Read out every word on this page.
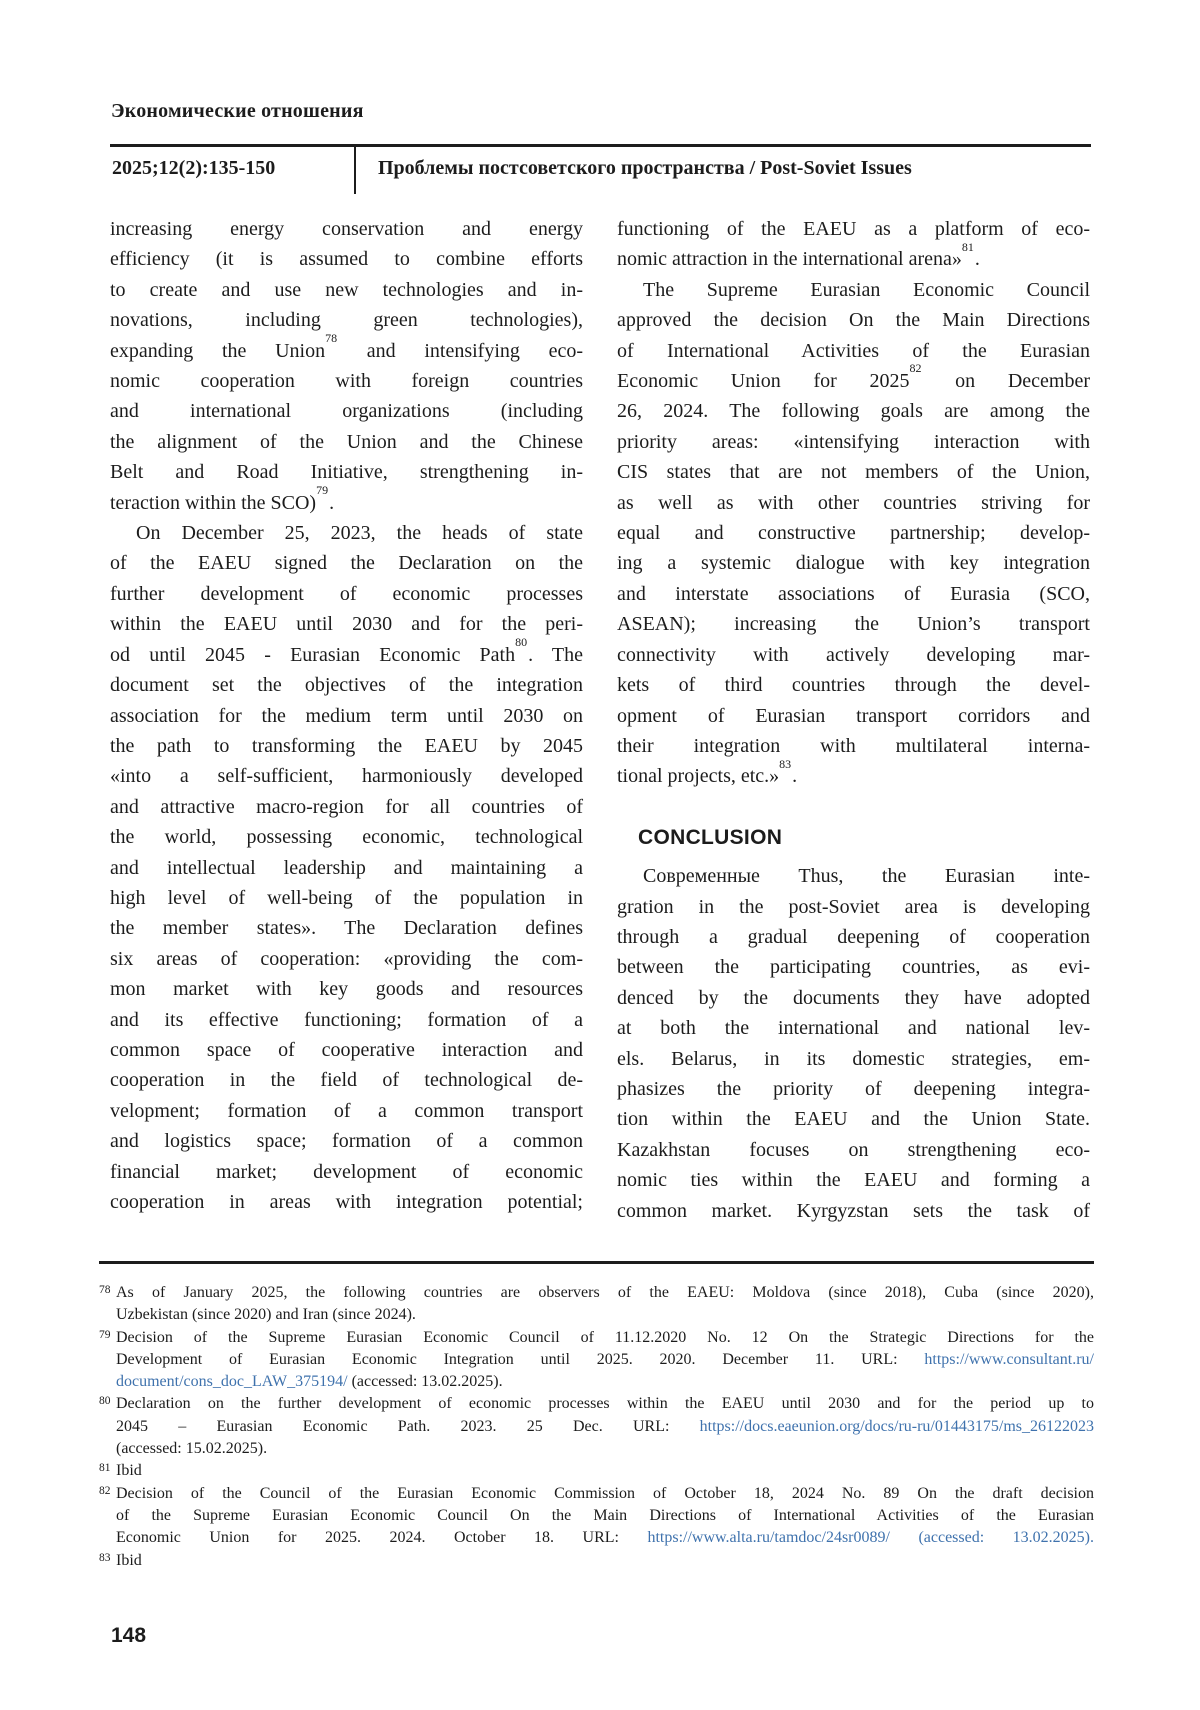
Экономические отношения
2025;12(2):135-150	Проблемы постсоветского пространства / Post-Soviet Issues
increasing energy conservation and energy
efficiency (it is assumed to combine efforts
to create and use new technologies and in-
novations, including green technologies),
expanding the Union$^{78}$ and intensifying eco-
nomic cooperation with foreign countries
and international organizations (including
the alignment of the Union and the Chinese
Belt and Road Initiative, strengthening in-
teraction within the SCO)$^{79}$.
On December 25, 2023, the heads of state
of the EAEU signed the Declaration on the
further development of economic processes
within the EAEU until 2030 and for the peri-
od until 2045 - Eurasian Economic Path$^{80}$. The
document set the objectives of the integration
association for the medium term until 2030 on
the path to transforming the EAEU by 2045
«into a self-sufficient, harmoniously developed
and attractive macro-region for all countries of
the world, possessing economic, technological
and intellectual leadership and maintaining a
high level of well-being of the population in
the member states». The Declaration defines
six areas of cooperation: «providing the com-
mon market with key goods and resources
and its effective functioning; formation of a
common space of cooperative interaction and
cooperation in the field of technological de-
velopment; formation of a common transport
and logistics space; formation of a common
financial market; development of economic
cooperation in areas with integration potential;
functioning of the EAEU as a platform of eco-
nomic attraction in the international arena»$^{81}$.
The Supreme Eurasian Economic Council
approved the decision On the Main Directions
of International Activities of the Eurasian
Economic Union for 2025$^{82}$ on December
26, 2024. The following goals are among the
priority areas: «intensifying interaction with
CIS states that are not members of the Union,
as well as with other countries striving for
equal and constructive partnership; develop-
ing a systemic dialogue with key integration
and interstate associations of Eurasia (SCO,
ASEAN); increasing the Union’s transport
connectivity with actively developing mar-
kets of third countries through the devel-
opment of Eurasian transport corridors and
their integration with multilateral interna-
tional projects, etc.»$^{83}$.
CONCLUSION
Современные Thus, the Eurasian inte-
gration in the post-Soviet area is developing
through a gradual deepening of cooperation
between the participating countries, as evi-
denced by the documents they have adopted
at both the international and national lev-
els. Belarus, in its domestic strategies, em-
phasizes the priority of deepening integra-
tion within the EAEU and the Union State.
Kazakhstan focuses on strengthening eco-
nomic ties within the EAEU and forming a
common market. Kyrgyzstan sets the task of
78 As of January 2025, the following countries are observers of the EAEU: Moldova (since 2018), Cuba (since 2020),
Uzbekistan (since 2020) and Iran (since 2024).
79 Decision of the Supreme Eurasian Economic Council of 11.12.2020 No. 12 On the Strategic Directions for the
Development of Eurasian Economic Integration until 2025. 2020. December 11. URL: https://www.consultant.ru/
document/cons_doc_LAW_375194/ (accessed: 13.02.2025).
80 Declaration on the further development of economic processes within the EAEU until 2030 and for the period up to
2045 – Eurasian Economic Path. 2023. 25 Dec. URL: https://docs.eaeunion.org/docs/ru-ru/01443175/ms_26122023
(accessed: 15.02.2025).
81 Ibid
82 Decision of the Council of the Eurasian Economic Commission of October 18, 2024 No. 89 On the draft decision
of the Supreme Eurasian Economic Council On the Main Directions of International Activities of the Eurasian
Economic Union for 2025. 2024. October 18. URL: https://www.alta.ru/tamdoc/24sr0089/ (accessed: 13.02.2025).
83 Ibid
148
